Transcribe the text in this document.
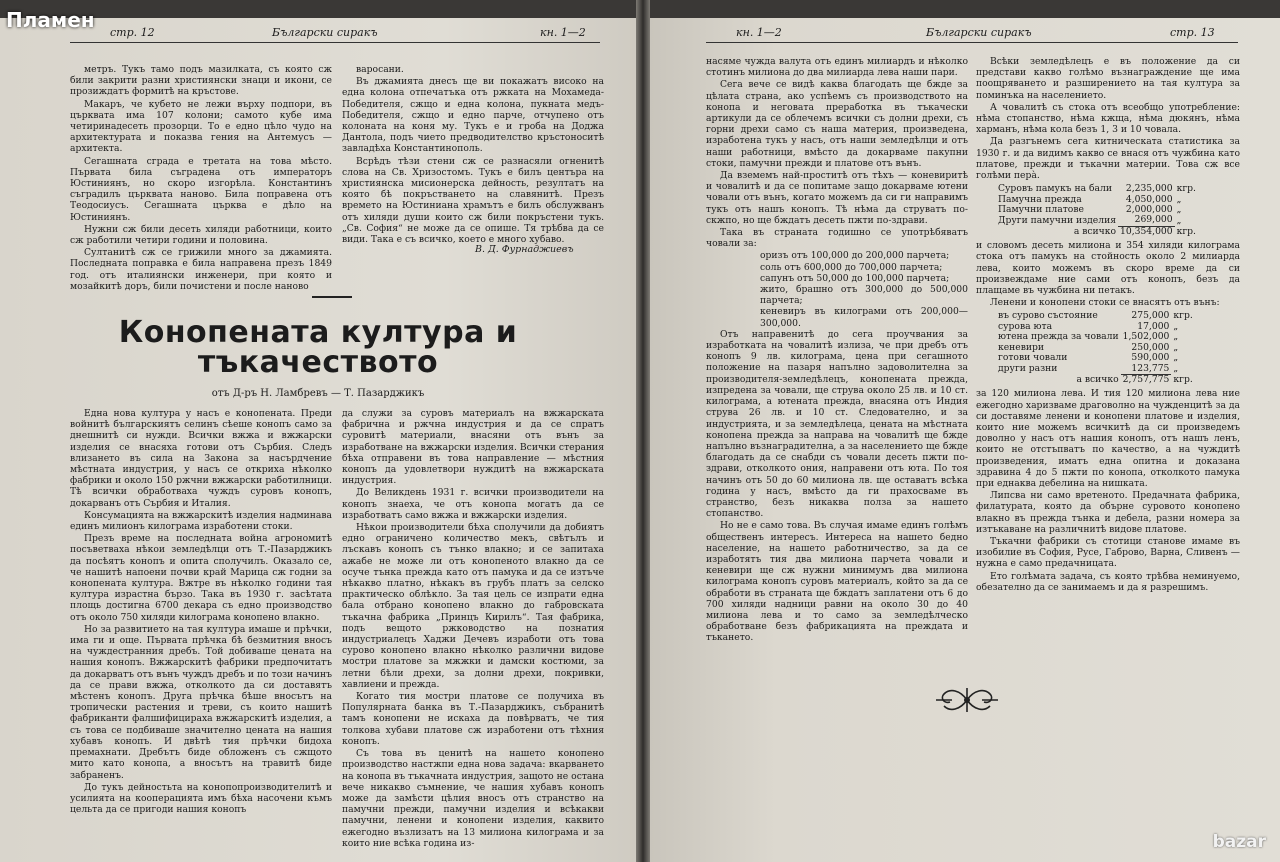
Пламен
стр. 12	Български сиракъ	кн. 1—2

метръ. Тукъ тамо подъ мазилката, съ която сж били закрити разни християнски знаци и икони, се прозиждатъ формитѣ на кръстове.

Макаръ, че кубето не лежи върху подпори, въ църквата има 107 колони; самото кубе има четиринадесеть прозорци. То е едно цѣло чудо на архитектурата и показва гения на Антемусъ — архитекта.

Сегашната сграда е третата на това мѣсто. Първата била съградена отъ императоръ Юстиниянъ, но скоро изгорѣла. Константинъ съградилъ църквата наново. Била поправена отъ Теодосиусъ. Сегашната църква е дѣло на Юстиниянъ.

Нужни сж били десеть хиляди работници, които сж работили четири години и половина.

Султанитѣ сж се грижили много за джамията. Последната поправка е била направена презъ 1849 год. отъ италиянски инженери, при която и мозайкитѣ доръ, били почистени и после наново

варосани.

Въ джамията днесъ ще ви покажатъ високо на една колона отпечатъка отъ ржката на Мохамеда-Победителя, сжщо и една колона, пукната медъ-Победителя, сжщо и едно парче, отчупено отъ колоната на коня му. Тукъ е и гроба на Доджа Дантола, подъ чието предводителство кръстоноситѣ завладѣха Константинополь.

Всрѣдъ тѣзи стени сж се разнасяли огненитѣ слова на Св. Хризостомъ. Тукъ е билъ центъра на християнска мисионерска дейность, резултатъ на която бѣ покръстването на славянитѣ. Презъ времето на Юстиниана храмътъ е билъ обслужванъ отъ хиляди души които сж били покръстени тукъ. „Св. София“ не може да се опише. Тя трѣбва да се види. Така е съ всичко, което е много хубаво.

В. Д. Фурнаджиевъ
Конопената култура и
тъкачеството
отъ Д-ръ Н. Ламбревъ — Т. Пазарджикъ

Една нова култура у насъ е конопената. Преди войнитѣ българскиятъ селинъ сѣеше конопъ само за днешнитѣ си нужди. Всички вжжа и вжжарски изделия се внасяха готови отъ Сърбия. Следъ влизането въ сила на Закона за насърдчение мѣстната индустрия, у насъ се откриха нѣколко фабрики и около 150 ржчни вжжарски работилници. Тѣ всички обработваха чуждъ суровъ конопъ, докарванъ отъ Сърбия и Италия.

Консумацията на вжжарскитѣ изделия надминава единъ милионъ килограма изработени стоки.

Презъ време на последната война агрономитѣ посъветваха нѣкои земледѣлци отъ Т.-Пазарджикъ да посѣятъ конопъ и опита сполучилъ. Оказало се, че нашитѣ напоени почви край Марица сж годни за конопената култура. Вжтре въ нѣколко години тая култура израстна бързо. Така въ 1930 г. засѣтата площь достигна 6700 декара съ едно производство отъ около 750 хиляди килограма конопено влакно.

Но за развитието на тая култура имаше и прѣчки, има ги и още. Първата прѣчка бѣ безмитния вносъ на чуждестранния дребъ. Той добиваше цената на нашия конопъ. Вжжарскитѣ фабрики предпочитатъ да докарватъ отъ вънъ чуждъ дребъ и по този начинъ да се прави вжжа, отколкото да си доставятъ мѣстенъ конопъ. Друга прѣчка бѣше вносътъ на тропически растения и треви, съ които нашитѣ фабриканти фалшифицираха вжжарскитѣ изделия, а съ това се подбиваше значително цената на нашия хубавъ конопъ. И двѣтѣ тия прѣчки бидоха премахнати. Дребътъ биде обложенъ съ сжщото мито като конопа, а вносътъ на травитѣ биде забраненъ.

До тукъ дейностьта на конопопроизводителитѣ и усилията на кооперацията имъ бѣха насочени къмъ цельта да се пригоди нашия конопъ

да служи за суровъ материалъ на вжжарската фабрична и ржчна индустрия и да се спратъ суровитѣ материали, внасяни отъ вънъ за изработване на вжжарски изделия. Всички стерания бѣха отправени въ това направление — мѣстния конопъ да удовлетвори нуждитѣ на вжжарската индустрия.

До Великдень 1931 г. всички производители на конопъ знаеха, че отъ конопа могатъ да се изработватъ само вжжа и вжжарски изделия.

Нѣкои производители бѣха сполучили да добиятъ едно ограничено количество мекъ, свѣтълъ и лъскавъ конопъ съ тънко влакно; и се запитаха ажабе не може ли отъ конопеното влакно да се осуче тънка прежда като отъ памука и да се изтъче нѣкакво платно, нѣкакъ въ грубъ платъ за селско практическо облѣкло. За тая цель се изпрати една бала отбрано конопено влакно до габровската тъкачна фабрика „Принцъ Кирилъ“. Тая фабрика, подъ вещото ржководство на познатия индустриалецъ Хаджи Дечевъ изработи отъ това сурово конопено влакно нѣколко различни видове мостри платове за мжжки и дамски костюми, за летни бѣли дрехи, за долни дрехи, покривки, хавлиени и прежда.

Когато тия мостри платове се получиха въ Популярната банка въ Т.-Пазарджикъ, събранитѣ тамъ конопени не искаха да повѣрватъ, че тия толкова хубави платове сж изработени отъ тѣхния конопъ.

Съ това въ ценитѣ на нашето конопено производство настжпи една нова задача: вкарването на конопа въ тъкачната индустрия, защото не остана вече никакво съмнение, че нашия хубавъ конопъ може да замѣсти цѣлия вносъ отъ странство на памучни прежди, памучни изделия и всѣкакви памучни, ленени и конопени изделия, каквито ежегодно възлизатъ на 13 милиона килограма и за които ние всѣка година из-

кн. 1—2	Български сиракъ	стр. 13

насяме чужда валута отъ единъ милиардъ и нѣколко стотинъ милиона до два милиарда лева наши пари.

Сега вече се видѣ каква благодать ще бжде за цѣлата страна, ако успѣемъ съ производството на конопа и неговата преработка въ тъкачески артикули да се облечемъ всички съ долни дрехи, съ горни дрехи само съ наша материя, произведена, изработена тукъ у насъ, отъ наши земледѣлци и отъ наши работници, вмѣсто да докарваме пакупни стоки, памучни прежди и платове отъ вънъ.

Да вземемъ най-проститѣ отъ тѣхъ — коневиритѣ и човалитѣ и да се попитаме защо докарваме ютени човали отъ вънъ, когато можемъ да си ги направимъ тукъ отъ нашъ конопъ. Тѣ нѣма да струватъ по-скжпо, но ще бждатъ десеть пжти по-здрави.

Така въ страната годишно се употрѣбяватъ човали за:

оризъ отъ 100,000 до 200,000 парчета;
соль отъ 600,000 до 700,000 парчета;
сапунъ отъ 50,000 до 100,000 парчета;
жито, брашно отъ 300,000 до 500,000 парчета;
кеневиръ въ килограми отъ 200,000—300,000.

Отъ направенитѣ до сега проучвания за изработката на човалитѣ излиза, че при дребъ отъ конопъ 9 лв. килограма, цена при сегашното положение на пазаря напълно задоволителна за производителя-земледѣлецъ, конопената прежда, изпредена за човали, ще струва около 25 лв. и 10 ст. килограма, а ютената прежда, внасяна отъ Индия струва 26 лв. и 10 ст. Следователно, и за индустрията, и за земледѣлеца, цената на мѣстната конопена прежда за направа на човалитѣ ще бжде напълно възнаградителна, а за населението ще бжде благодать да се снабди съ човали десеть пжти по-здрави, отколкото ония, направени отъ юта. По тоя начинъ отъ 50 до 60 милиона лв. ще оставатъ всѣка година у насъ, вмѣсто да ги прахосваме въ странство, безъ никаква полза за нашето стопанство.

Но не е само това. Въ случая имаме единъ голѣмъ общественъ интересъ. Интереса на нашето бедно население, на нашето работничество, за да се изработятъ тия два милиона парчета човали и кеневири ще сж нужни минимумъ два милиона килограма конопъ суровъ материалъ, който за да се обработи въ страната ще бждатъ заплатени отъ 6 до 700 хиляди надници равни на около 30 до 40 милиона лева и то само за земледѣлческо обработване безъ фабрикацията на преждата и тъкането.

Всѣки земледѣлецъ е въ положение да си представи какво голѣмо възнаграждение ще има поощряването и разширението на тая култура за поминъка на населението.

А човалитѣ съ стока отъ всеобщо употребление: нѣма стопанство, нѣма кжща, нѣма дюкянъ, нѣма харманъ, нѣма кола безъ 1, 3 и 10 човала.

Да разгънемъ сега китническата статистика за 1930 г. и да видимъ какво се внася отъ чужбина като платове, прежди и тъкачни материи. Това сж все голѣми перà.

Суровъ памукъ на бали	2,235,000	кгр.
Памучна прежда	4,050,000	„
Памучни платове	2,000,000	„
Други памучни изделия	269,000	„
а всичко	10,354,000	кгр.

и словомъ десеть милиона и 354 хиляди килограма стока отъ памукъ на стойность около 2 милиарда лева, които можемъ въ скоро време да си произвеждаме ние сами отъ конопъ, безъ да плащаме въ чужбина ни петакъ.

Ленени и конопени стоки се внасятъ отъ вънъ:

въ сурово състояние	275,000	кгр.
сурова юта	17,000	„
ютена прежда за човали	1,502,000	„
кеневири	250,000	„
готови човали	590,000	„
други разни	123,775	„
а всичко	2,757,775	кгр.

за 120 милиона лева. И тия 120 милиона лева ние ежегодно харизваме драговолно на чужденцитѣ за да си доставяме ленени и конопени платове и изделия, които ние можемъ всичкитѣ да си произведемъ доволно у насъ отъ нашия конопъ, отъ нашъ ленъ, които не отстъпватъ по качество, а на чуждитѣ произведения, иматъ една опитна и доказана здравина 4 до 5 пжти по конопа, отколкото памука при еднаква дебелина на нишката.

Липсва ни само вретеното. Предачната фабрика, филатурата, която да обърне суровото конопено влакно въ прежда тънка и дебела, разни номера за изтъкаване на различнитѣ видове платове.

Тъкачни фабрики съ стотици станове имаме въ изобилие въ София, Русе, Габрово, Варна, Сливенъ — нужна е само предачницата.

Ето голѣмата задача, съ която трѣбва неминуемо, обезателно да се занимаемъ и да я разрешимъ.

bazar
